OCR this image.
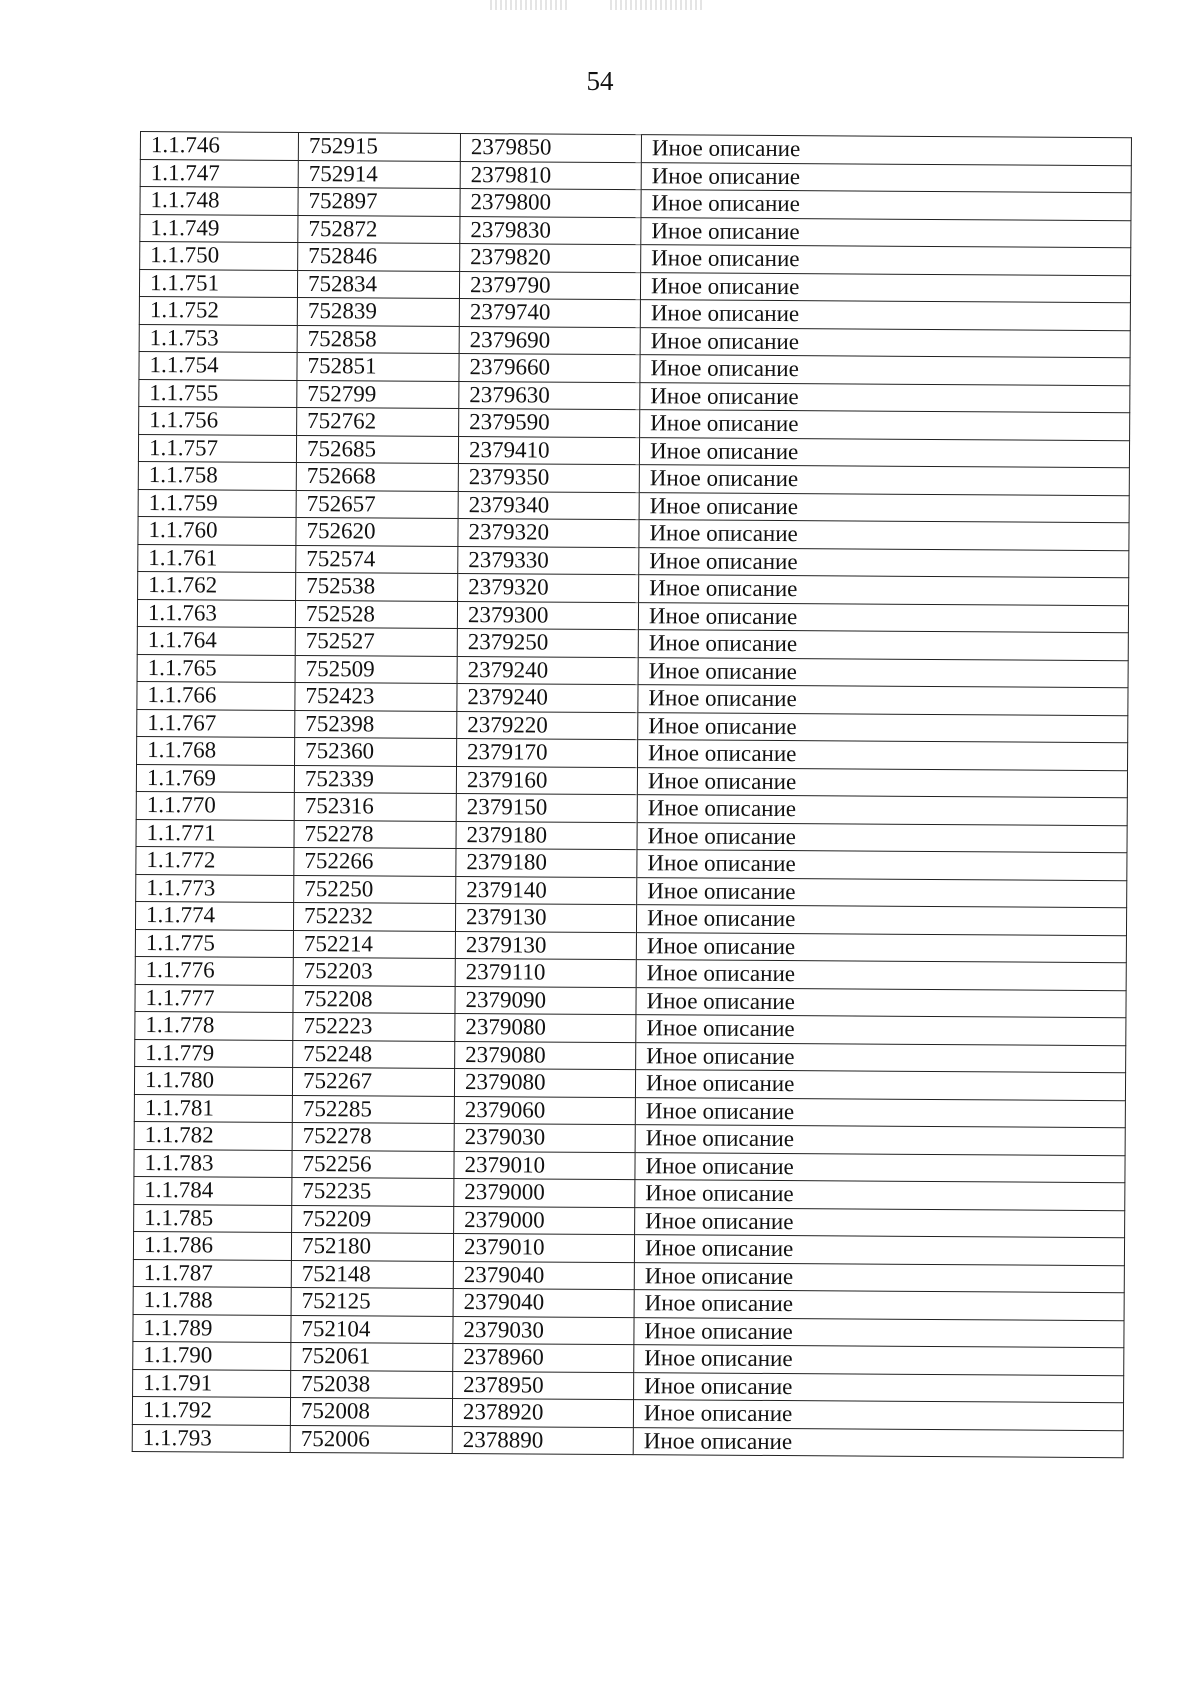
54
1.1.746	752915	2379850	Иное описание
1.1.747	752914	2379810	Иное описание
1.1.748	752897	2379800	Иное описание
1.1.749	752872	2379830	Иное описание
1.1.750	752846	2379820	Иное описание
1.1.751	752834	2379790	Иное описание
1.1.752	752839	2379740	Иное описание
1.1.753	752858	2379690	Иное описание
1.1.754	752851	2379660	Иное описание
1.1.755	752799	2379630	Иное описание
1.1.756	752762	2379590	Иное описание
1.1.757	752685	2379410	Иное описание
1.1.758	752668	2379350	Иное описание
1.1.759	752657	2379340	Иное описание
1.1.760	752620	2379320	Иное описание
1.1.761	752574	2379330	Иное описание
1.1.762	752538	2379320	Иное описание
1.1.763	752528	2379300	Иное описание
1.1.764	752527	2379250	Иное описание
1.1.765	752509	2379240	Иное описание
1.1.766	752423	2379240	Иное описание
1.1.767	752398	2379220	Иное описание
1.1.768	752360	2379170	Иное описание
1.1.769	752339	2379160	Иное описание
1.1.770	752316	2379150	Иное описание
1.1.771	752278	2379180	Иное описание
1.1.772	752266	2379180	Иное описание
1.1.773	752250	2379140	Иное описание
1.1.774	752232	2379130	Иное описание
1.1.775	752214	2379130	Иное описание
1.1.776	752203	2379110	Иное описание
1.1.777	752208	2379090	Иное описание
1.1.778	752223	2379080	Иное описание
1.1.779	752248	2379080	Иное описание
1.1.780	752267	2379080	Иное описание
1.1.781	752285	2379060	Иное описание
1.1.782	752278	2379030	Иное описание
1.1.783	752256	2379010	Иное описание
1.1.784	752235	2379000	Иное описание
1.1.785	752209	2379000	Иное описание
1.1.786	752180	2379010	Иное описание
1.1.787	752148	2379040	Иное описание
1.1.788	752125	2379040	Иное описание
1.1.789	752104	2379030	Иное описание
1.1.790	752061	2378960	Иное описание
1.1.791	752038	2378950	Иное описание
1.1.792	752008	2378920	Иное описание
1.1.793	752006	2378890	Иное описание
